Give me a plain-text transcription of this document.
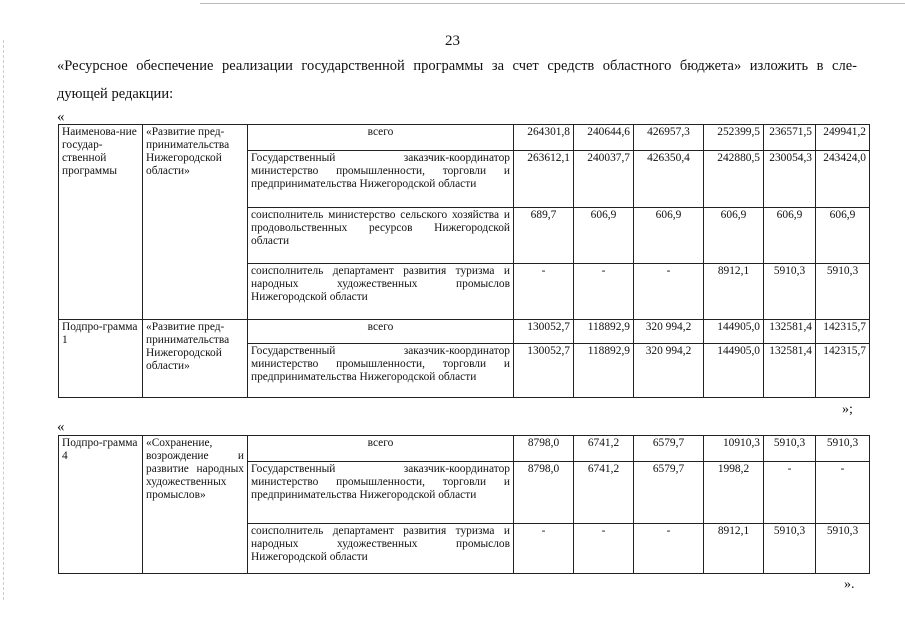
23
«Ресурсное обеспечение реализации государственной программы за счет средств областного бюджета» изложить в сле-
дующей редакции:
«
Наименова-ние государ-ственной программы	«Развитие пред-принимательства Нижегородской области»	всего	264301,8	240644,6	426957,3	252399,5	236571,5	249941,2
		Государственный заказчик-координатор министерство промышленности, торговли и предпринимательства Нижегородской области	263612,1	240037,7	426350,4	242880,5	230054,3	243424,0
		соисполнитель министерство сельского хозяйства и продовольственных ресурсов Нижегородской области	689,7	606,9	606,9	606,9	606,9	606,9
		соисполнитель департамент развития туризма и народных художественных промыслов Нижегородской области	-	-	-	8912,1	5910,3	5910,3
Подпро-грамма 1	«Развитие пред-принимательства Нижегородской области»	всего	130052,7	118892,9	320 994,2	144905,0	132581,4	142315,7
		Государственный заказчик-координатор министерство промышленности, торговли и предпринимательства Нижегородской области	130052,7	118892,9	320 994,2	144905,0	132581,4	142315,7
»;
«
Подпро-грамма 4	«Сохранение, возрождение и развитие народных художественных промыслов»	всего	8798,0	6741,2	6579,7	10910,3	5910,3	5910,3
		Государственный заказчик-координатор министерство промышленности, торговли и предпринимательства Нижегородской области	8798,0	6741,2	6579,7	1998,2	-	-
		соисполнитель департамент развития туризма и народных художественных промыслов Нижегородской области	-	-	-	8912,1	5910,3	5910,3
».
